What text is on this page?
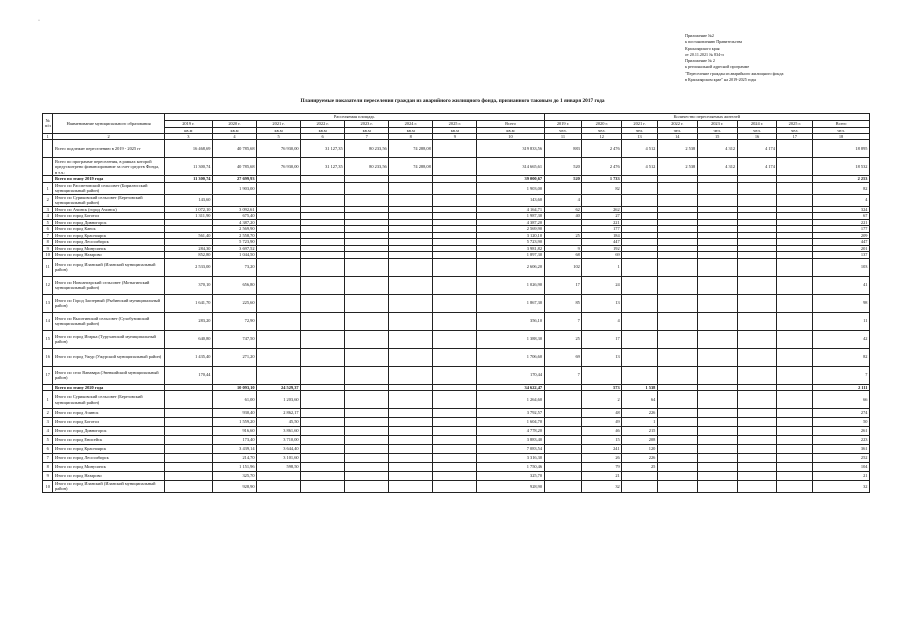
·
Приложение №2
к постановлению Правительства
Красноярского края
от 20.11.2021 № 834-п
Приложение № 2
к региональной адресной программе
"Переселение граждан из аварийного жилищного фонда
в Красноярском крае" на 2019-2025 годы
Планируемые показатели переселения граждан из аварийного жилищного фонда, признанного таковым до 1 января 2017 года
№ п/п	Наименование муниципального образования	Расселяемая площадь								Количество переселяемых жителей							
		2019 г.	2020 г.	2021 г.	2022 г.	2023 г.	2024 г.	2025 г.	Всего	2019 г.	2020 г.	2021 г.	2022 г.	2023 г.	2024 г.	2025 г.	Всего
		кв.м	кв.м	кв.м	кв.м	кв.м	кв.м	кв.м	кв.м	чел.	чел.	чел.	чел.	чел.	чел.	чел.	чел.
1	2	3	4	5	6	7	8	9	10	11	12	13	14	15	16	17	18
	Всего подлежит переселению в 2019 - 2025 гг	16 468,69	40 785,68	76 930,00	31 127,35	80 233,56	74 288,08		319 833,56	883	2 476	4 512	2 538	4 312	4 174		18 895
	Всего по программе переселения, в рамках которой предусмотрено финансирование за счет средств Фонда, в т.ч.:	11 300,74	40 785,68	76 930,00	31 127,35	80 233,56	74 288,08		314 665,61	520	2 476	4 512	2 538	4 312	4 174		18 532
	Всего по этапу 2019 года	11 300,74	27 699,93						39 000,67	520	1 733						2 253
1	Итого по Рассветовский сельсовет (Бирилюсский муниципальный район)		1 903,00						1 903,00		82						82
2	Итого по Суриковский сельсовет (Березовский муниципальный район)	143,60							143,60	4							4
3	Итого по Ачинск (город Ачинск)	1 072,10	3 092,61						4 164,71	62	262						324
4	Итого по город Боготол	1 311,90	675,40						1 987,30	40	27						67
5	Итого по город Дивногорск		4 387,20						4 387,20		221						221
6	Итого по город Канск		2 569,90						2 569,90		177						177
7	Итого по город Красноярск	561,40	2 558,70						3 120,10	25	184						209
8	Итого по город Лесосибирск		5 723,90						5 723,90		447						447
9	Итого по город Минусинск	284,30	3 697,52						3 981,82	9	192						201
10	Итого по город Назарово	852,80	1 044,50						1 897,30	68	69						137
11	Итого по город Иланский (Иланский муниципальный район)	2 533,00	73,20						2 606,20	102	1						103
12	Итого по Новоангарский сельсовет (Мотыгинский муниципальный район)	370,10	656,80						1 026,90	17	24						41
13	Итого по Город Заозерный (Рыбинский муниципальный район)	1 641,70	225,60						1 867,30	85	13						98
14	Итого по Высотинский сельсовет (Сухобузимский муниципальный район)	283,20	72,90						356,10	7	4						11
15	Итого по город Игарка (Туруханский муниципальный район)	640,80	747,50						1 388,30	25	17						42
16	Итого по город Ужур (Ужурский муниципальный район)	1 435,40	271,20						1 706,60	69	13						82
17	Итого по село Ванавара (Эвенкийский муниципальный район)	170,44							170,44	7							7
	Всего по этапу 2020 года		10 093,10	24 529,37					34 622,47		573	1 538					2 111
1	Итого по Суриковский сельсовет (Березовский муниципальный район)		61,00	1 203,60					1 264,60		2	64					66
2	Итого по город Ачинск		930,40	2 862,17					3 792,57		48	226					274
3	Итого по город Боготол		1 559,20	45,50					1 604,70		49	1					50
4	Итого по город Дивногорск		916,60	3 861,60					4 778,20		46	215					261
5	Итого по город Енисейск		173,40	3 710,00					3 883,40		15	208					223
6	Итого по город Красноярск		3 439,14	3 644,40					7 083,54		241	120					361
7	Итого по город Лесосибирск		214,70	3 101,60					3 316,30		26	226					252
8	Итого по город Минусинск		1 151,96	598,50					1 750,46		79	25					104
9	Итого по город Назарово		325,70						325,70		21						21
10	Итого по город Иланский (Иланский муниципальный район)		928,90						928,90		32						32
